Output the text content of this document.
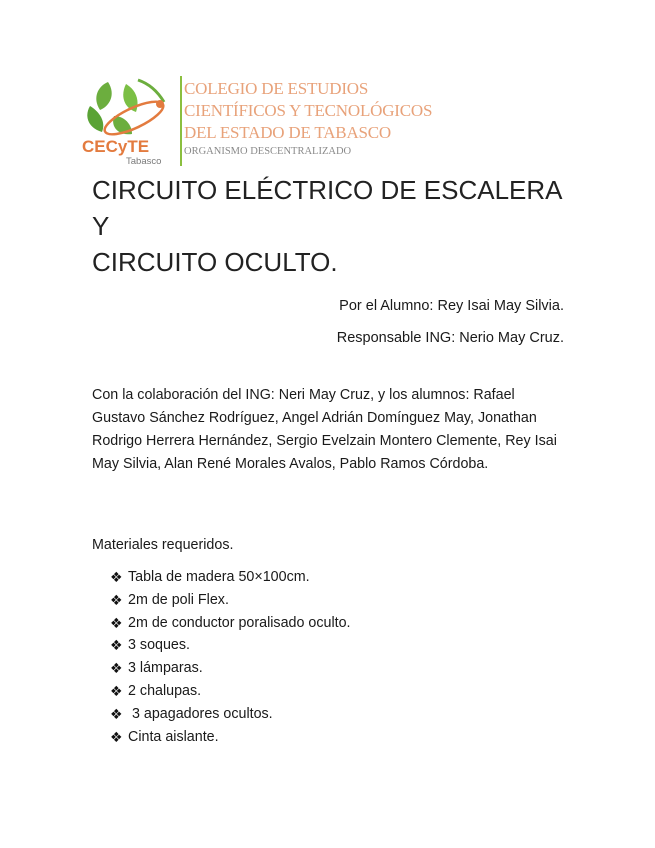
CECyTE
Tabasco
COLEGIO DE ESTUDIOS
CIENTÍFICOS Y TECNOLÓGICOS
DEL ESTADO DE TABASCO
ORGANISMO DESCENTRALIZADO
CIRCUITO ELÉCTRICO DE ESCALERA Y
CIRCUITO OCULTO.
Por el Alumno: Rey Isai May Silvia.
Responsable ING: Nerio May Cruz.

Con la colaboración del ING: Neri May Cruz, y los alumnos: Rafael Gustavo Sánchez Rodríguez, Angel Adrián Domínguez May, Jonathan Rodrigo Herrera Hernández, Sergio Evelzain Montero Clemente, Rey Isai May Silvia, Alan René Morales Avalos, Pablo Ramos Córdoba.

Materiales requeridos.

❖ Tabla de madera 50×100cm.
❖ 2m de poli Flex.
❖ 2m de conductor poralisado oculto.
❖ 3 soques.
❖ 3 lámparas.
❖ 2 chalupas.
❖ 3 apagadores ocultos.
❖ Cinta aislante.
